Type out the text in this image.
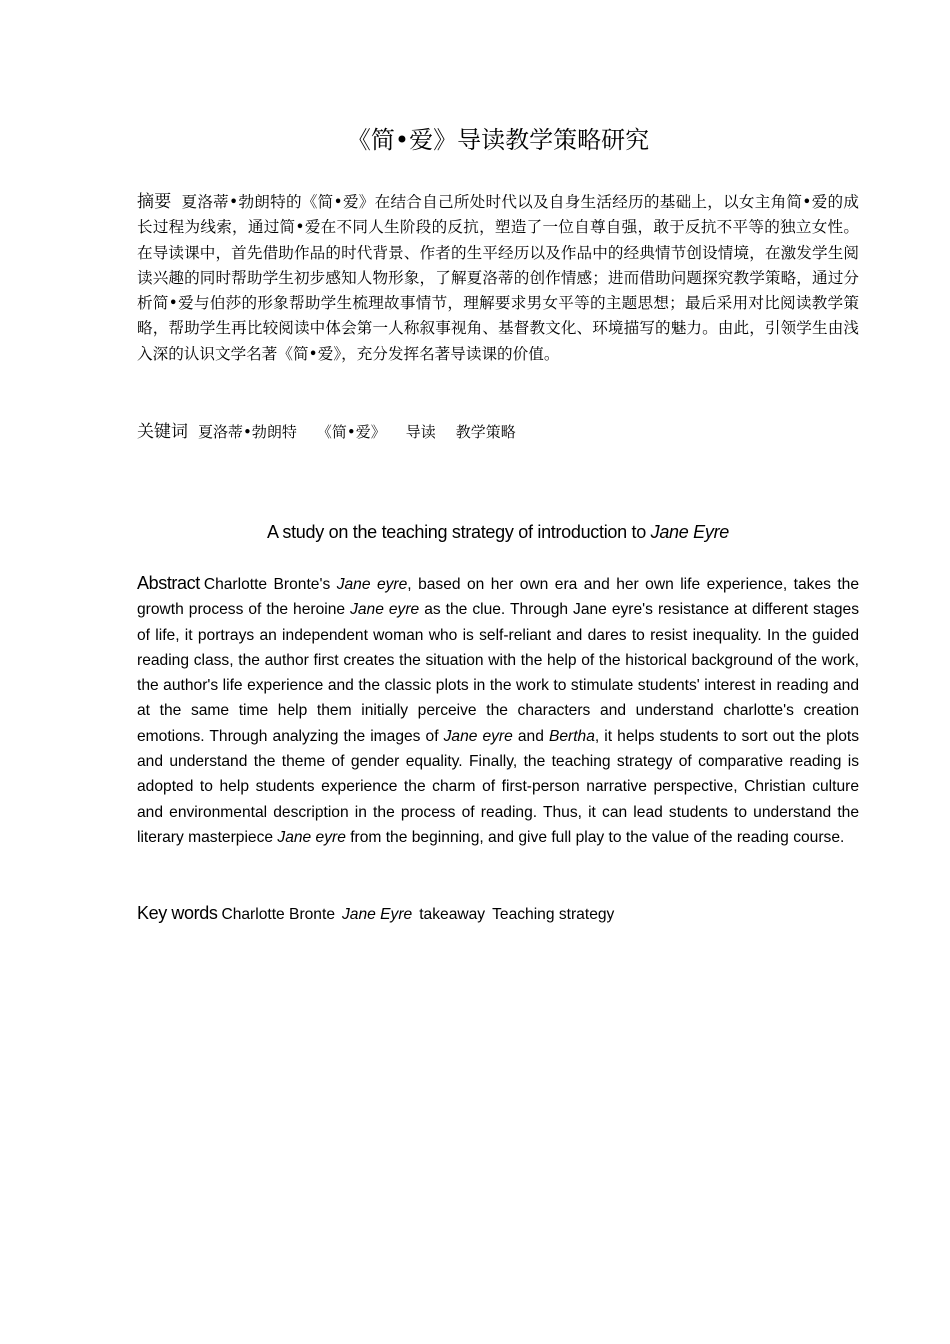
《简•爱》导读教学策略研究

摘要 夏洛蒂•勃朗特的《简•爱》在结合自己所处时代以及自身生活经历的基础上，以女主角简•爱的成长过程为线索，通过简•爱在不同人生阶段的反抗，塑造了一位自尊自强，敢于反抗不平等的独立女性。在导读课中，首先借助作品的时代背景、作者的生平经历以及作品中的经典情节创设情境，在激发学生阅读兴趣的同时帮助学生初步感知人物形象，了解夏洛蒂的创作情感；进而借助问题探究教学策略，通过分析简•爱与伯莎的形象帮助学生梳理故事情节，理解要求男女平等的主题思想；最后采用对比阅读教学策略，帮助学生再比较阅读中体会第一人称叙事视角、基督教文化、环境描写的魅力。由此，引领学生由浅入深的认识文学名著《简•爱》，充分发挥名著导读课的价值。

关键词 夏洛蒂•勃朗特 《简•爱》 导读 教学策略

A study on the teaching strategy of introduction to Jane Eyre

Abstract Charlotte Bronte's Jane eyre, based on her own era and her own life experience, takes the growth process of the heroine Jane eyre as the clue. Through Jane eyre's resistance at different stages of life, it portrays an independent woman who is self-reliant and dares to resist inequality. In the guided reading class, the author first creates the situation with the help of the historical background of the work, the author's life experience and the classic plots in the work to stimulate students' interest in reading and at the same time help them initially perceive the characters and understand charlotte's creation emotions. Through analyzing the images of Jane eyre and Bertha, it helps students to sort out the plots and understand the theme of gender equality. Finally, the teaching strategy of comparative reading is adopted to help students experience the charm of first-person narrative perspective, Christian culture and environmental description in the process of reading. Thus, it can lead students to understand the literary masterpiece Jane eyre from the beginning, and give full play to the value of the reading course.

Key words Charlotte Bronte Jane Eyre takeaway Teaching strategy
